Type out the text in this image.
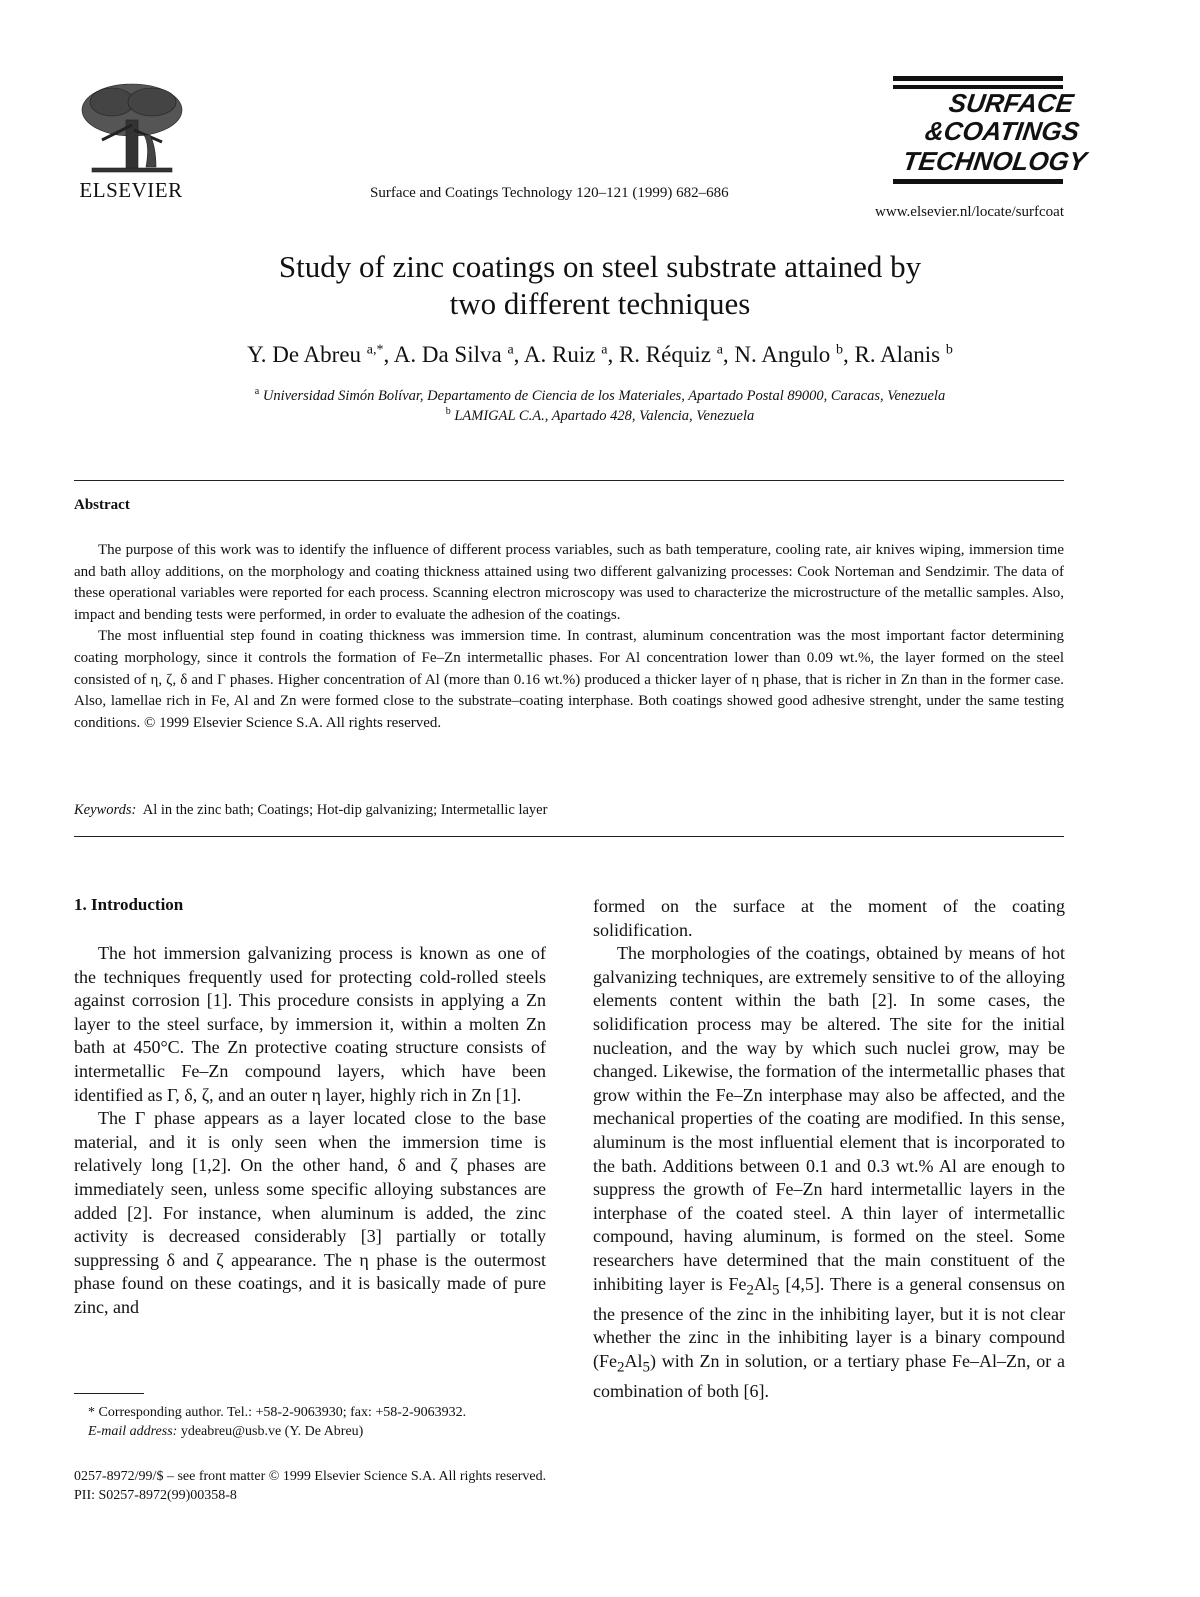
ELSEVIER	Surface and Coatings Technology 120–121 (1999) 682–686
SURFACE
&COATINGS
TECHNOLOGY
www.elsevier.nl/locate/surfcoat
Study of zinc coatings on steel substrate attained by
two different techniques
Y. De Abreu $^{a,*}$, A. Da Silva $^a$, A. Ruiz $^a$, R. Réquiz $^a$, N. Angulo $^b$, R. Alanis $^b$
$^a$ Universidad Simón Bolívar, Departamento de Ciencia de los Materiales, Apartado Postal 89000, Caracas, Venezuela
$^b$ LAMIGAL C.A., Apartado 428, Valencia, Venezuela
Abstract

The purpose of this work was to identify the influence of different process variables, such as bath temperature, cooling rate, air knives wiping, immersion time and bath alloy additions, on the morphology and coating thickness attained using two different galvanizing processes: Cook Norteman and Sendzimir. The data of these operational variables were reported for each process. Scanning electron microscopy was used to characterize the microstructure of the metallic samples. Also, impact and bending tests were performed, in order to evaluate the adhesion of the coatings.

The most influential step found in coating thickness was immersion time. In contrast, aluminum concentration was the most important factor determining coating morphology, since it controls the formation of Fe–Zn intermetallic phases. For Al concentration lower than 0.09 wt.%, the layer formed on the steel consisted of η, ζ, δ and Γ phases. Higher concentration of Al (more than 0.16 wt.%) produced a thicker layer of η phase, that is richer in Zn than in the former case. Also, lamellae rich in Fe, Al and Zn were formed close to the substrate–coating interphase. Both coatings showed good adhesive strenght, under the same testing conditions. © 1999 Elsevier Science S.A. All rights reserved.

Keywords: Al in the zinc bath; Coatings; Hot-dip galvanizing; Intermetallic layer
1. Introduction

The hot immersion galvanizing process is known as one of the techniques frequently used for protecting cold-rolled steels against corrosion [1]. This procedure consists in applying a Zn layer to the steel surface, by immersion it, within a molten Zn bath at 450°C. The Zn protective coating structure consists of intermetallic Fe–Zn compound layers, which have been identified as Γ, δ, ζ, and an outer η layer, highly rich in Zn [1].

The Γ phase appears as a layer located close to the base material, and it is only seen when the immersion time is relatively long [1,2]. On the other hand, δ and ζ phases are immediately seen, unless some specific alloying substances are added [2]. For instance, when aluminum is added, the zinc activity is decreased considerably [3] partially or totally suppressing δ and ζ appearance. The η phase is the outermost phase found on these coatings, and it is basically made of pure zinc, and

formed on the surface at the moment of the coating solidification.

The morphologies of the coatings, obtained by means of hot galvanizing techniques, are extremely sensitive to of the alloying elements content within the bath [2]. In some cases, the solidification process may be altered. The site for the initial nucleation, and the way by which such nuclei grow, may be changed. Likewise, the formation of the intermetallic phases that grow within the Fe–Zn interphase may also be affected, and the mechanical properties of the coating are modified. In this sense, aluminum is the most influential element that is incorporated to the bath. Additions between 0.1 and 0.3 wt.% Al are enough to suppress the growth of Fe–Zn hard intermetallic layers in the interphase of the coated steel. A thin layer of intermetallic compound, having aluminum, is formed on the steel. Some researchers have determined that the main constituent of the inhibiting layer is $Fe_2Al_5$ [4,5]. There is a general consensus on the presence of the zinc in the inhibiting layer, but it is not clear whether the zinc in the inhibiting layer is a binary compound $(Fe_2Al_5)$ with Zn in solution, or a tertiary phase Fe–Al–Zn, or a combination of both [6].

* Corresponding author. Tel.: +58-2-9063930; fax: +58-2-9063932.
E-mail address: ydeabreu@usb.ve (Y. De Abreu)
0257-8972/99/$ – see front matter © 1999 Elsevier Science S.A. All rights reserved.
PII: S0257-8972(99)00358-8
